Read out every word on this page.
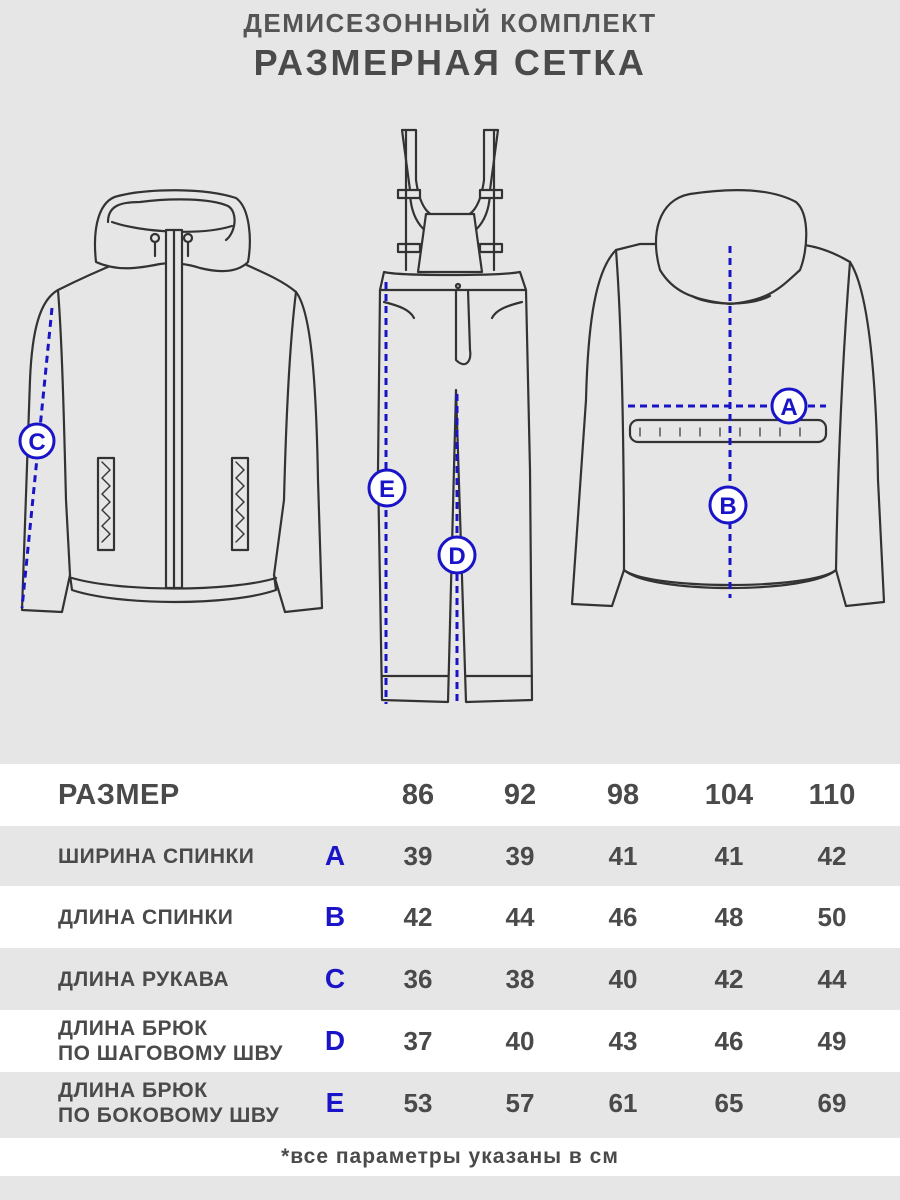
ДЕМИСЕЗОННЫЙ КОМПЛЕКТ
РАЗМЕРНАЯ СЕТКА
C
E
D
A
B
РАЗМЕР	86	92	98	104	110
ШИРИНА СПИНКИ	A	39	39	41	41	42
ДЛИНА СПИНКИ	B	42	44	46	48	50
ДЛИНА РУКАВА	C	36	38	40	42	44
ДЛИНА БРЮК
ПО ШАГОВОМУ ШВУ D	37	40	43	46	49
ДЛИНА БРЮК
ПО БОКОВОМУ ШВУ E	53	57	61	65	69
*все параметры указаны в см
